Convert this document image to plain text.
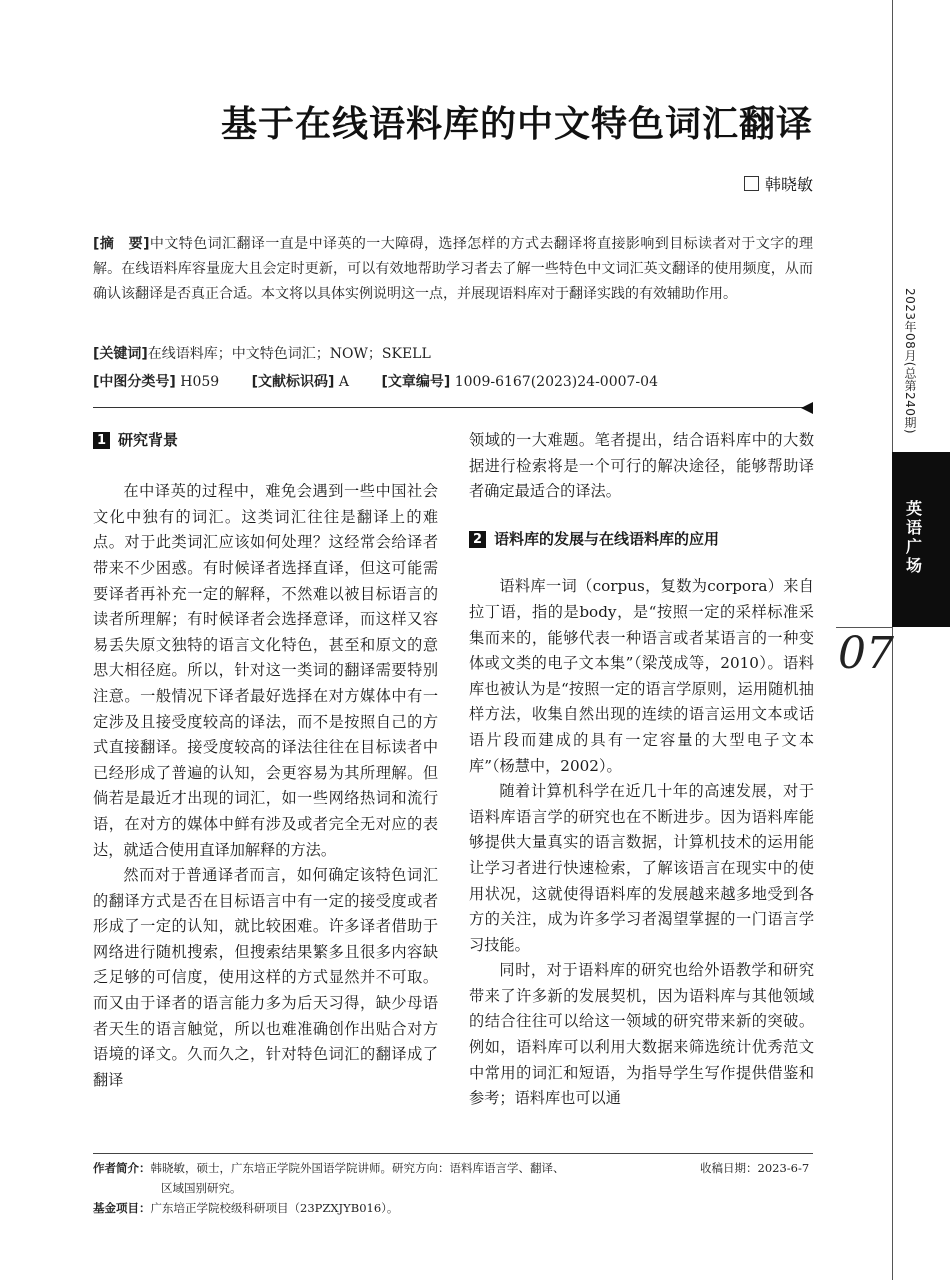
基于在线语料库的中文特色词汇翻译
韩晓敏
[摘　要]中文特色词汇翻译一直是中译英的一大障碍，选择怎样的方式去翻译将直接影响到目标读者对于文字的理解。在线语料库容量庞大且会定时更新，可以有效地帮助学习者去了解一些特色中文词汇英文翻译的使用频度，从而确认该翻译是否真正合适。本文将以具体实例说明这一点，并展现语料库对于翻译实践的有效辅助作用。
[关键词]在线语料库；中文特色词汇；NOW；SKELL
[中图分类号] H059 [文献标识码] A [文章编号] 1009-6167(2023)24-0007-04
1 研究背景

在中译英的过程中，难免会遇到一些中国社会文化中独有的词汇。这类词汇往往是翻译上的难点。对于此类词汇应该如何处理？这经常会给译者带来不少困惑。有时候译者选择直译，但这可能需要译者再补充一定的解释，不然难以被目标语言的读者所理解；有时候译者会选择意译，而这样又容易丢失原文独特的语言文化特色，甚至和原文的意思大相径庭。所以，针对这一类词的翻译需要特别注意。一般情况下译者最好选择在对方媒体中有一定涉及且接受度较高的译法，而不是按照自己的方式直接翻译。接受度较高的译法往往在目标读者中已经形成了普遍的认知，会更容易为其所理解。但倘若是最近才出现的词汇，如一些网络热词和流行语，在对方的媒体中鲜有涉及或者完全无对应的表达，就适合使用直译加解释的方法。

然而对于普通译者而言，如何确定该特色词汇的翻译方式是否在目标语言中有一定的接受度或者形成了一定的认知，就比较困难。许多译者借助于网络进行随机搜索，但搜索结果繁多且很多内容缺乏足够的可信度，使用这样的方式显然并不可取。而又由于译者的语言能力多为后天习得，缺少母语者天生的语言触觉，所以也难准确创作出贴合对方语境的译文。久而久之，针对特色词汇的翻译成了翻译

领域的一大难题。笔者提出，结合语料库中的大数据进行检索将是一个可行的解决途径，能够帮助译者确定最适合的译法。

2 语料库的发展与在线语料库的应用

语料库一词（corpus，复数为corpora）来自拉丁语，指的是body，是“按照一定的采样标准采集而来的，能够代表一种语言或者某语言的一种变体或文类的电子文本集”（梁茂成等，2010）。语料库也被认为是“按照一定的语言学原则，运用随机抽样方法，收集自然出现的连续的语言运用文本或话语片段而建成的具有一定容量的大型电子文本库”（杨慧中，2002）。

随着计算机科学在近几十年的高速发展，对于语料库语言学的研究也在不断进步。因为语料库能够提供大量真实的语言数据，计算机技术的运用能让学习者进行快速检索，了解该语言在现实中的使用状况，这就使得语料库的发展越来越多地受到各方的关注，成为许多学习者渴望掌握的一门语言学习技能。

同时，对于语料库的研究也给外语教学和研究带来了许多新的发展契机，因为语料库与其他领域的结合往往可以给这一领域的研究带来新的突破。例如，语料库可以利用大数据来筛选统计优秀范文中常用的词汇和短语，为指导学生写作提供借鉴和参考；语料库也可以通

作者简介：韩晓敏，硕士，广东培正学院外国语学院讲师。研究方向：语料库语言学、翻译、
区域国别研究。
收稿日期：2023-6-7
基金项目：广东培正学院校级科研项目（23PZXJYB016）。
2023年08月(总第240期)
英语广场
07
